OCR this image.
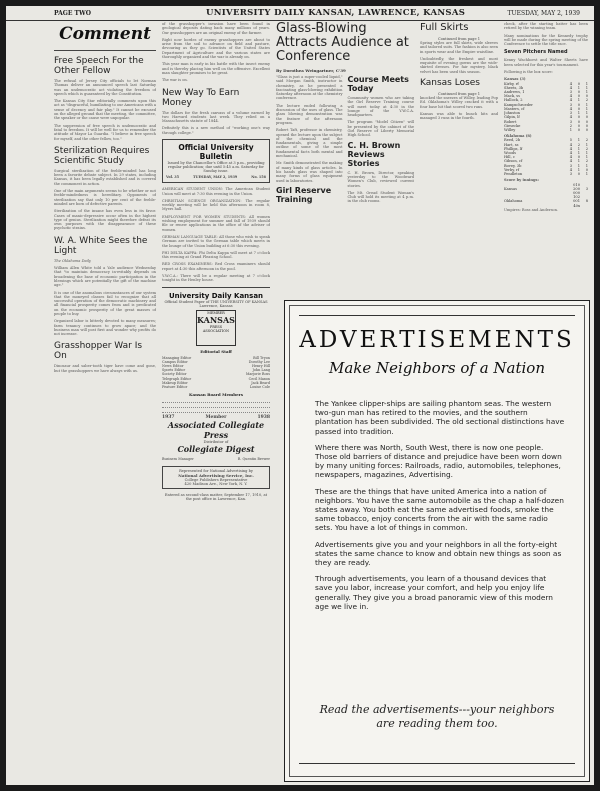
PAGE TWO	UNIVERSITY DAILY KANSAN, LAWRENCE, KANSAS	TUESDAY, MAY 2, 1939
Comment
Free Speech For the Other Fellow

The refusal of Jersey City officials to let Norman Thomas deliver an announced speech last Saturday was an undemocratic act violating the freedom of speech which is guaranteed by the Constitution.

The Kansas City Star editorially comments upon this act as "disgraceful, humiliating to our Americans with a sense of decency and fair play." It cannot be excused on the alleged ground that the meeting, the committee, the speaker or the cause were unpopular.

The suppression of free speech is undemocratic and fatal to freedom. It will be well for us to remember the attitude of Mayor La Guardia. "I believe in free speech for myself, and the other fellow, too."

Sterilization Requires Scientific Study

Surgical sterilization of the feeble-minded has long been a favorite debate subject. In 29 states, including Kansas, it has been legally established and is covered the commonest in action.

One of the main arguments seems to be whether or not feeble-mindedness is hereditary. Opponents of sterilization say that only 10 per cent of the feeble-minded are born of defective parents.

Sterilization of the insane has even less in its favor. Cases of manic-depressive occur often in the highest type of genius. Sterilization might therefore defeat its own purposes with the disappearance of these psychotic strains.

W. A. White Sees the Light
The Oklahoma Daily

William Allen White told a Yale audience Wednesday that "to maintain democracy in-evitably depends on broadening the base of economic participation in the blessings which are potentially the gift of the machine age."

It is one of the anomalous circumstances of our system that the moneyed classes fail to recognize that all successful operation of the democratic machinery and all financial prosperity comes from and is predicated on the economic prosperity of the great masses of people to buy.

Organized labor is bitterly devoted to many measures; farm tenancy continues to grow apace; and the business man will post first and wonder why profits do not increase.

Grasshopper War Is On

Dinosaur and saber-tooth tiger have come and gone, but the grasshoppers we have always with us.

of the grasshopper's invasion have been found in geological deposits dating back many millions of years. Our grasshoppers are an original enemy of the farmer.

Right now hordes of enemy grasshoppers are about to arise from the soil to advance on field and pasture, devouring as they go. Scientists of the United States Department of Agriculture and the various states are thoroughly organized and the war is already on.

This year man is early in his battle with the insect enemy and is thereby placing him well on the offensive. Excellent man slaughter promises to be great.

The war is on.

New Way To Earn Money

The dollars for the fresh canvass of a volume earned by two Harvard students last week. They relied on a Massachusetts statute of 1844.

Definitely this is a new method of "working one's way through college."

Official University Bulletin
Issued by the Chancellor's Office at 3 p.m., providing regular publication; due until 5:45 a.m. Saturday for Sunday issue.
Vol. 35	TUESDAY, MAY 2, 1939	No. 156

AMERICAN STUDENT UNION: The American Student Union will meet at 7:30 this evening in the Union.

CHRISTIAN SCIENCE ORGANIZATION: The regular weekly meeting will be held this afternoon in room 8, Myers hall.

EMPLOYMENT FOR WOMEN STUDENTS: All women wishing employment for summer and fall of 1939 should file or renew applications in the office of the adviser of women.

GERMAN LANGUAGE TABLE: All those who wish to speak German are invited to the German table which meets in the lounge of the Union building at 6:30 this evening.

PHI DELTA KAPPA: Phi Delta Kappa will meet at 7 o'clock this evening at Grand Pleasing School.

RED CROSS EXAMINERS: Red Cross examiners should report at 4:30 this afternoon in the pool.

Y.W.C.A.: There will be a regular meeting at 7 o'clock tonight in the Henley house.

University Daily Kansan
Official Student Paper of THE UNIVERSITY OF KANSAS Lawrence, Kansas
MEMBER
KANSAS
PRESS ASSOCIATION
Editorial Staff
Managing Editor	Bill Tryon
Campus Editor	Dorothy Lee
News Editor	Henry Hill
Sports Editor	John Lang
Society Editor	Marjorie Ross
Telegraph Editor	Cecil Maxon
Makeup Editor	Jack Beard
Feature Editor	Louise Cole
Kansan Board Members
1937	Member	1938
Associated Collegiate Press
Distributor of
Collegiate Digest
Business Manager	R. Quentin Brewer
Represented for National Advertising by
National Advertising Service, Inc.
College Publishers Representative
420 Madison Ave., New York, N. Y.
Entered as second-class matter, September 17, 1910, at the post office in Lawrence, Kan.
Glass-Blowing Attracts Audience at Conference
By Dorothea Weingartner, C'39

"Glass is just a super-cooled liquid," said Morgan Smith, instructor in chemistry, as he presented a fascinating glass-blowing exhibition Saturday afternoon at the chemistry conference.

The lecture ended following a discussion of the uses of glass. The glass blowing demonstration was the feature of the afternoon program.

Robert Taft, professor in chemistry, opened the lecture upon the subject of the chemical and the fundamentals, giving a simple outline of some of the most fundamental facts both mental and mechanical.

Mr. Smith demonstrated the making of many kinds of glass articles. In his hands glass was shaped into many forms of glass equipment used in laboratories.

Girl Reserve Training Course Meets Today

Community women who are taking the Girl Reserve Training course will meet today at 4:30 in the lounge of the Y.W.C.A. headquarters.

The program "Model Citizen" will be presented by the cabinet of the Girl Reserve of Liberty Memorial High School.

C. H. Brown Reviews Stories

C. H. Brown, Director, speaking yesterday to the Woodward Women's Club, reviewed current stories.

The Mt. Oread Student Woman's Club will hold its meeting at 4 p.m. in the club rooms.

Full Skirts
Continued from page 1

Spring styles are full skirts, wide sleeves and tailored suits. The fashion is also seen in sports wear and the Empire waistline.

Undoubtedly, the freshest and most exquisite of evening gowns are the wide-skirted dresses. For fair mystery, black velvet has been used this season.

Kansas Loses
Continued from page 1

knocked the sneezes of Willey, leading Pop Ed. Oklahoma's Willey cracked it with a four base hit that scored two runs.

Kansas was able to bunch hits and managed 3 runs in the fourth.

check, after the starting batter has been retired by the winning team.

Many nominations for the Kennedy trophy will be made during the spring meeting of the Conference to settle the title race.

Seven Pitchers Named

Kenny Wachhorst and Walter Sheets have been selected for this year's tournament.

Following is the box score:
Kansas (3)
Kirby, rf	4	0	1
Sheets, 3b	4	1	1
Andrews, 1	3	0	1
Mack, ss	4	0	0
Hallock, 2	4	1	2
Kampschroeder	3	0	1
Masters, cf	4	0	1
Johnston	3	1	1
Gilpin, lf	4	0	0
Robert	3	0	0
Giesecke	2	0	0
Willey	1	0	0
Oklahoma (8)
Reed, 2b	5	1	2
Hart, ss	4	2	1
Phillips, lf	4	1	2
Woods	4	1	1
Hill, c	4	0	1
Gibson, cf	4	1	2
Bovey, 3b	3	1	1
Yerby, rf	4	1	0
Pendleton	3	0	1
Score by innings:
Kansas	010 200 000	3
Oklahoma	102 001 40x	8
Umpires: Ross and Anderson.
ADVERTISEMENTS
Make Neighbors of a Nation

The Yankee clipper-ships are sailing phantom seas. The western two-gun man has retired to the movies, and the southern plantation has been subdivided. The old sectional distinctions have passed into tradition.

Where there was North, South West, there is now one people. Those old barriers of distance and prejudice have been worn down by many uniting forces: Railroads, radio, automobiles, telephones, newspapers, magazines, Advertising.

These are the things that have united America into a nation of neighbors. You have the same automobile as the chap a half-dozen states away. You both eat the same advertised foods, smoke the same tobacco, enjoy concerts from the air with the same radio sets. You have a lot of things in common.

Advertisements give you and your neighbors in all the forty-eight states the same chance to know and obtain new things as soon as they are ready.

Through advertisements, you learn of a thousand devices that save you labor, increase your comfort, and help you enjoy life generally. They give you a broad panoramic view of this modern age we live in.

Read the advertisements---your neighbors
are reading them too.
